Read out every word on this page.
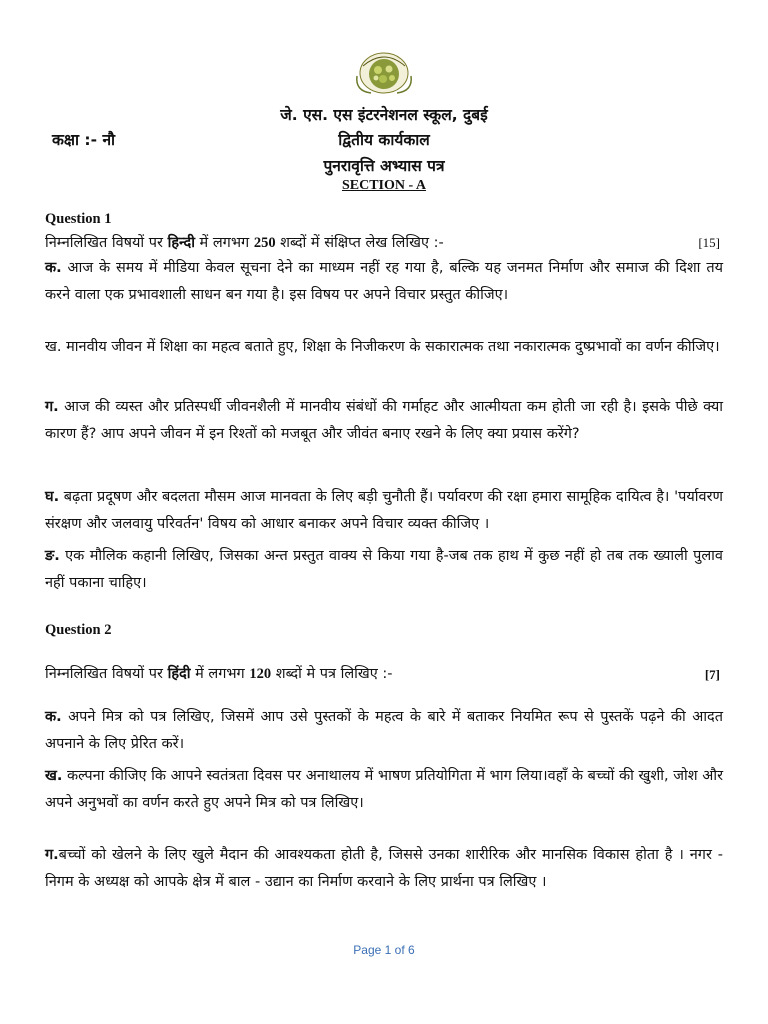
जे. एस. एस इंटरनेशनल स्कूल, दुबई
कक्षा :- नौ	द्वितीय कार्यकाल
पुनरावृत्ति अभ्यास पत्र
SECTION - A
Question 1
निम्नलिखित विषयों पर हिन्दी में लगभग 250 शब्दों में संक्षिप्त लेख लिखिए :-	[15]
क. आज के समय में मीडिया केवल सूचना देने का माध्यम नहीं रह गया है, बल्कि यह जनमत निर्माण और समाज की दिशा तय करने वाला एक प्रभावशाली साधन बन गया है। इस विषय पर अपने विचार प्रस्तुत कीजिए।
ख. मानवीय जीवन में शिक्षा का महत्व बताते हुए, शिक्षा के निजीकरण के सकारात्मक तथा नकारात्मक दुष्प्रभावों का वर्णन कीजिए।
ग. आज की व्यस्त और प्रतिस्पर्धी जीवनशैली में मानवीय संबंधों की गर्माहट और आत्मीयता कम होती जा रही है। इसके पीछे क्या कारण हैं? आप अपने जीवन में इन रिश्तों को मजबूत और जीवंत बनाए रखने के लिए क्या प्रयास करेंगे?
घ. बढ़ता प्रदूषण और बदलता मौसम आज मानवता के लिए बड़ी चुनौती हैं। पर्यावरण की रक्षा हमारा सामूहिक दायित्व है। 'पर्यावरण संरक्षण और जलवायु परिवर्तन' विषय को आधार बनाकर अपने विचार व्यक्त कीजिए ।
ङ. एक मौलिक कहानी लिखिए, जिसका अन्त प्रस्तुत वाक्य से किया गया है-जब तक हाथ में कुछ नहीं हो तब तक ख्याली पुलाव नहीं पकाना चाहिए।
Question 2
निम्नलिखित विषयों पर हिंदी में लगभग 120 शब्दों मे पत्र लिखिए :-	[7]
क. अपने मित्र को पत्र लिखिए, जिसमें आप उसे पुस्तकों के महत्व के बारे में बताकर नियमित रूप से पुस्तकें पढ़ने की आदत अपनाने के लिए प्रेरित करें।
ख. कल्पना कीजिए कि आपने स्वतंत्रता दिवस पर अनाथालय में भाषण प्रतियोगिता में भाग लिया।वहाँ के बच्चों की खुशी, जोश और अपने अनुभवों का वर्णन करते हुए अपने मित्र को पत्र लिखिए।
ग.बच्चों को खेलने के लिए खुले मैदान की आवश्यकता होती है, जिससे उनका शारीरिक और मानसिक विकास होता है । नगर - निगम के अध्यक्ष को आपके क्षेत्र में बाल - उद्यान का निर्माण करवाने के लिए प्रार्थना पत्र लिखिए ।
Page 1 of 6
